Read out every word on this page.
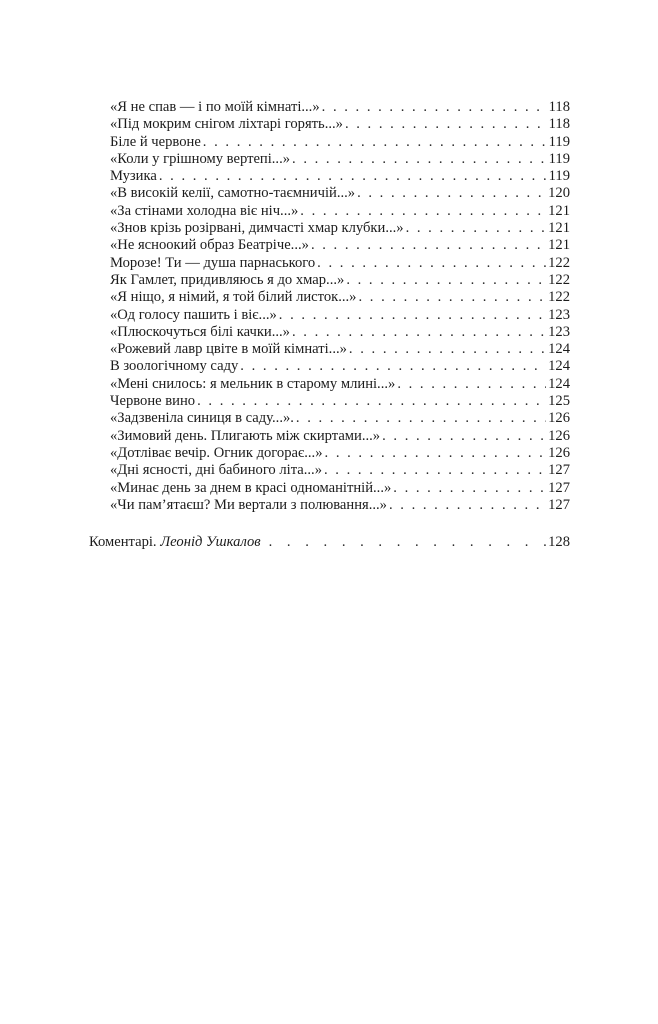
«Я не спав — і по моїй кімнаті...» . . .	118
«Під мокрим снігом ліхтарі горять...» . . .	118
Біле й червоне . . .	119
«Коли у грішному вертепі...» . . .	119
Музика . . .	119
«В високій келії, самотно-таємничій...» . . .	120
«За стінами холодна віє ніч...» . . .	121
«Знов крізь розірвані, димчасті хмар клубки...» . . .	121
«Не ясноокий образ Беатріче...» . . .	121
Морозе! Ти — душа парнаського . . .	122
Як Гамлет, придивляюсь я до хмар...» . . .	122
«Я ніщо, я німий, я той білий листок...» . . .	122
«Од голосу пашить і віє...» . . .	123
«Плюскочуться білі качки...» . . .	123
«Рожевий лавр цвіте в моїй кімнаті...» . . .	124
В зоологічному саду . . .	124
«Мені снилось: я мельник в старому млині...» . . .	124
Червоне вино . . .	125
«Задзвеніла синиця в саду...». . . .	126
«Зимовий день. Плигають між скиртами...» . . .	126
«Дотліває вечір. Огник догорає...» . . .	126
«Дні ясності, дні бабиного літа...» . . .	127
«Минає день за днем в красі одноманітній...» . . .	127
«Чи пам’ятаєш? Ми вертали з полювання...» . . .	127
Коментарі. Леонід Ушкалов . . .	128
